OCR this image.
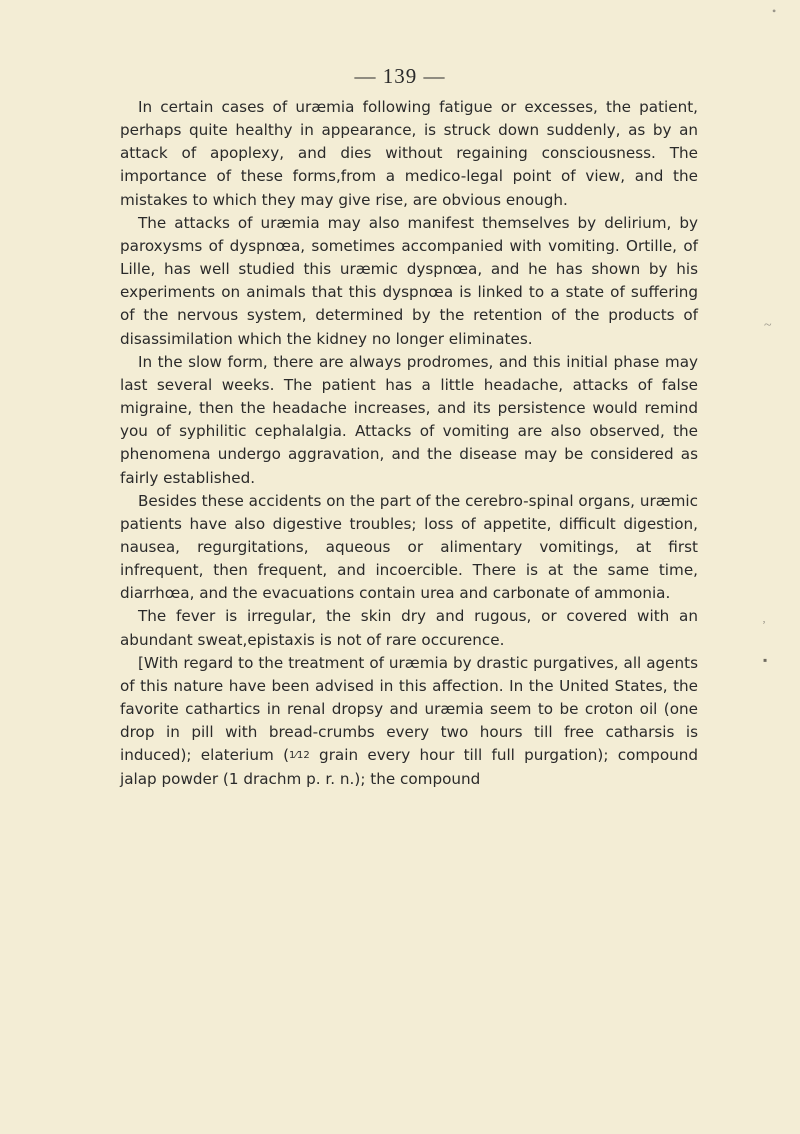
— 139 —

In certain cases of uræmia following fatigue or excesses, the patient, perhaps quite healthy in appearance, is struck down suddenly, as by an attack of apoplexy, and dies without regaining consciousness. The importance of these forms,from a medico-legal point of view, and the mistakes to which they may give rise, are obvious enough.

The attacks of uræmia may also manifest themselves by delirium, by paroxysms of dyspnœa, sometimes accompanied with vomiting. Ortille, of Lille, has well studied this uræmic dyspnœa, and he has shown by his experiments on animals that this dyspnœa is linked to a state of suffering of the nervous system, determined by the retention of the products of disassimilation which the kidney no longer eliminates.

In the slow form, there are always prodromes, and this initial phase may last several weeks. The patient has a little headache, attacks of false migraine, then the headache increases, and its persistence would remind you of syphilitic cephalalgia. Attacks of vomiting are also observed, the phenomena undergo aggravation, and the disease may be considered as fairly established.

Besides these accidents on the part of the cerebro-spinal organs, uræmic patients have also digestive troubles; loss of appetite, difficult digestion, nausea, regurgitations, aqueous or alimentary vomitings, at first infrequent, then frequent, and incoercible. There is at the same time, diarrhœa, and the evacuations contain urea and carbonate of ammonia.

The fever is irregular, the skin dry and rugous, or covered with an abundant sweat,epistaxis is not of rare occurence.

[With regard to the treatment of uræmia by drastic purgatives, all agents of this nature have been advised in this affection. In the United States, the favorite cathartics in renal dropsy and uræmia seem to be croton oil (one drop in pill with bread-crumbs every two hours till free catharsis is induced); elaterium (1⁄12 grain every hour till full purgation); compound jalap powder (1 drachm p. r. n.); the compound

•
~
ʼ
▪
